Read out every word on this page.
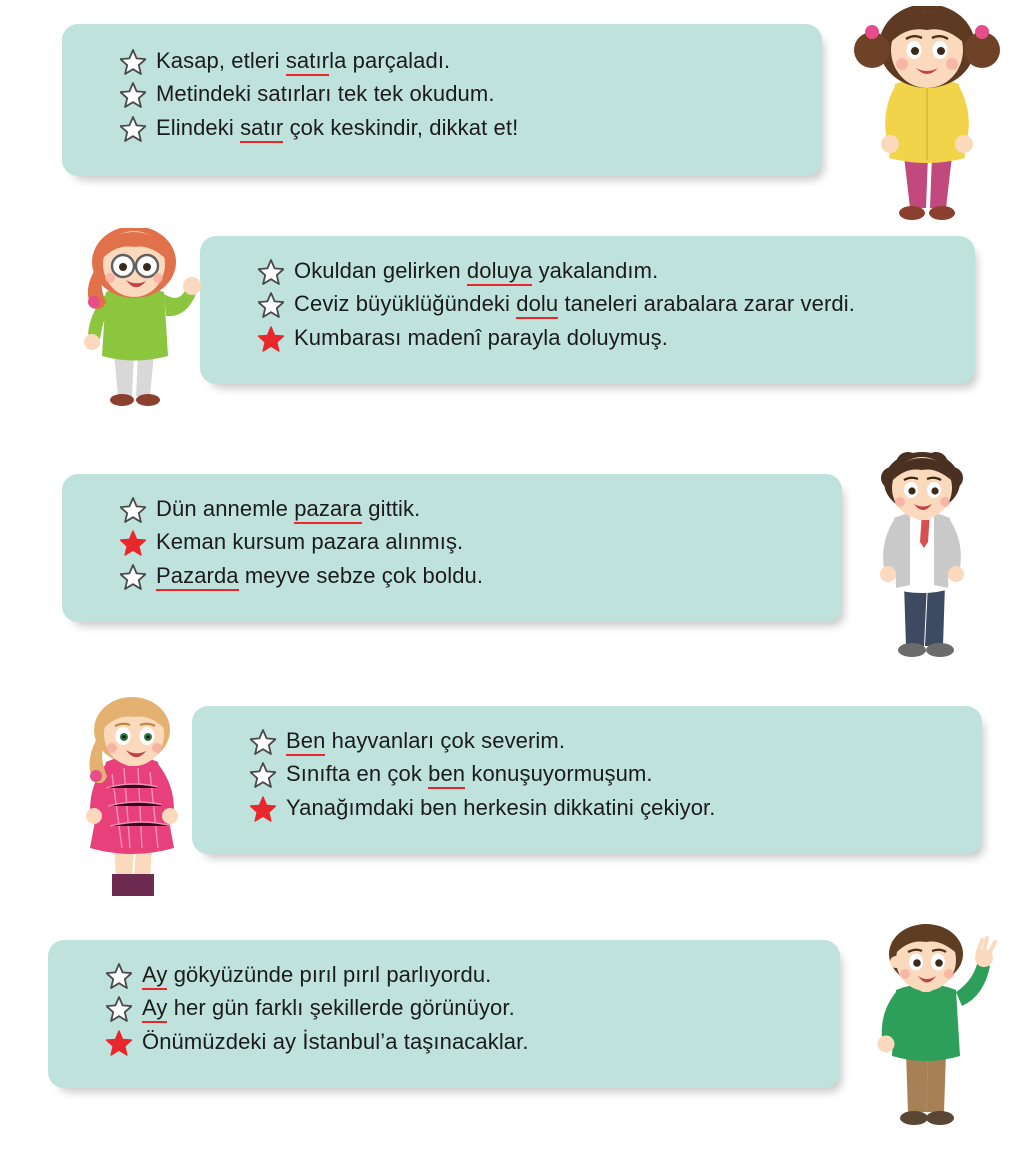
Kasap, etleri satırla parçaladı.
Metindeki satırları tek tek okudum.
Elindeki satır çok keskindir, dikkat et!
Okuldan gelirken doluya yakalandım.
Ceviz büyüklüğündeki dolu taneleri arabalara zarar verdi.
Kumbarası madenî parayla doluymuş.
Dün annemle pazara gittik.
Keman kursum pazara alınmış.
Pazarda meyve sebze çok boldu.
Ben hayvanları çok severim.
Sınıfta en çok ben konuşuyormuşum.
Yanağımdaki ben herkesin dikkatini çekiyor.
Ay gökyüzünde pırıl pırıl parlıyordu.
Ay her gün farklı şekillerde görünüyor.
Önümüzdeki ay İstanbul’a taşınacaklar.
